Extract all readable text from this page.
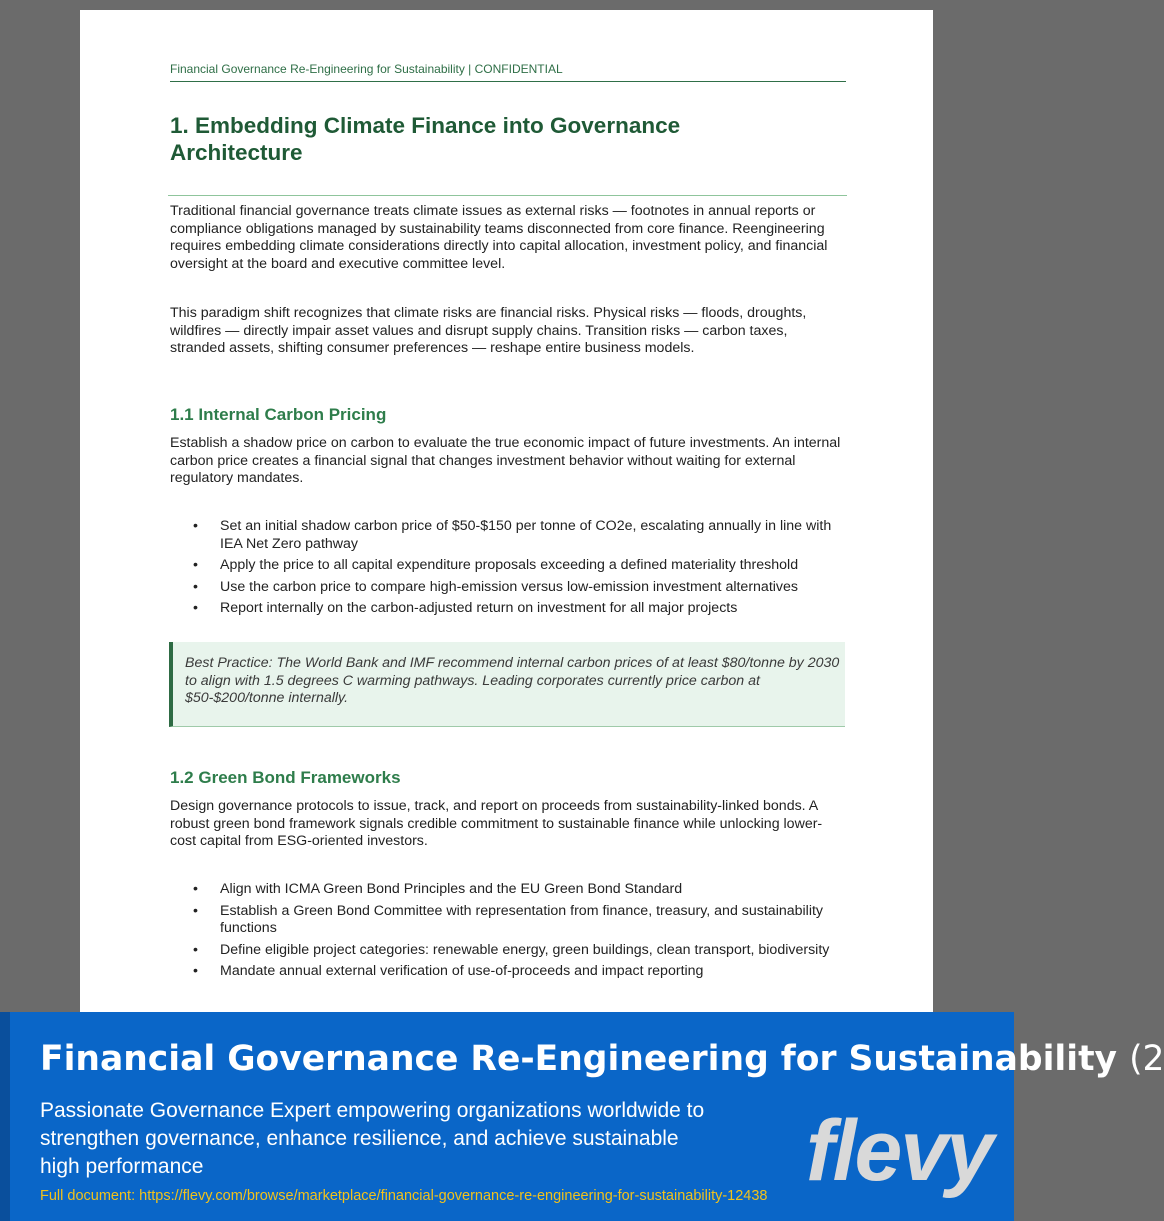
Financial Governance Re-Engineering for Sustainability | CONFIDENTIAL
1. Embedding Climate Finance into Governance Architecture

Traditional financial governance treats climate issues as external risks — footnotes in annual reports or compliance obligations managed by sustainability teams disconnected from core finance. Reengineering requires embedding climate considerations directly into capital allocation, investment policy, and financial oversight at the board and executive committee level.

This paradigm shift recognizes that climate risks are financial risks. Physical risks — floods, droughts, wildfires — directly impair asset values and disrupt supply chains. Transition risks — carbon taxes, stranded assets, shifting consumer preferences — reshape entire business models.

1.1 Internal Carbon Pricing

Establish a shadow price on carbon to evaluate the true economic impact of future investments. An internal carbon price creates a financial signal that changes investment behavior without waiting for external regulatory mandates.

• Set an initial shadow carbon price of $50-$150 per tonne of CO2e, escalating annually in line with IEA Net Zero pathway
• Apply the price to all capital expenditure proposals exceeding a defined materiality threshold
• Use the carbon price to compare high-emission versus low-emission investment alternatives
• Report internally on the carbon-adjusted return on investment for all major projects
Best Practice: The World Bank and IMF recommend internal carbon prices of at least $80/tonne by 2030 to align with 1.5 degrees C warming pathways. Leading corporates currently price carbon at $50-$200/tonne internally.
1.2 Green Bond Frameworks

Design governance protocols to issue, track, and report on proceeds from sustainability-linked bonds. A robust green bond framework signals credible commitment to sustainable finance while unlocking lower-cost capital from ESG-oriented investors.

• Align with ICMA Green Bond Principles and the EU Green Bond Standard
• Establish a Green Bond Committee with representation from finance, treasury, and sustainability functions
• Define eligible project categories: renewable energy, green buildings, clean transport, biodiversity
• Mandate annual external verification of use-of-proceeds and impact reporting
Financial Governance Re-Engineering for Sustainability (2
Passionate Governance Expert empowering organizations worldwide to strengthen governance, enhance resilience, and achieve sustainable high performance
Full document: https://flevy.com/browse/marketplace/financial-governance-re-engineering-for-sustainability-12438 flevy
